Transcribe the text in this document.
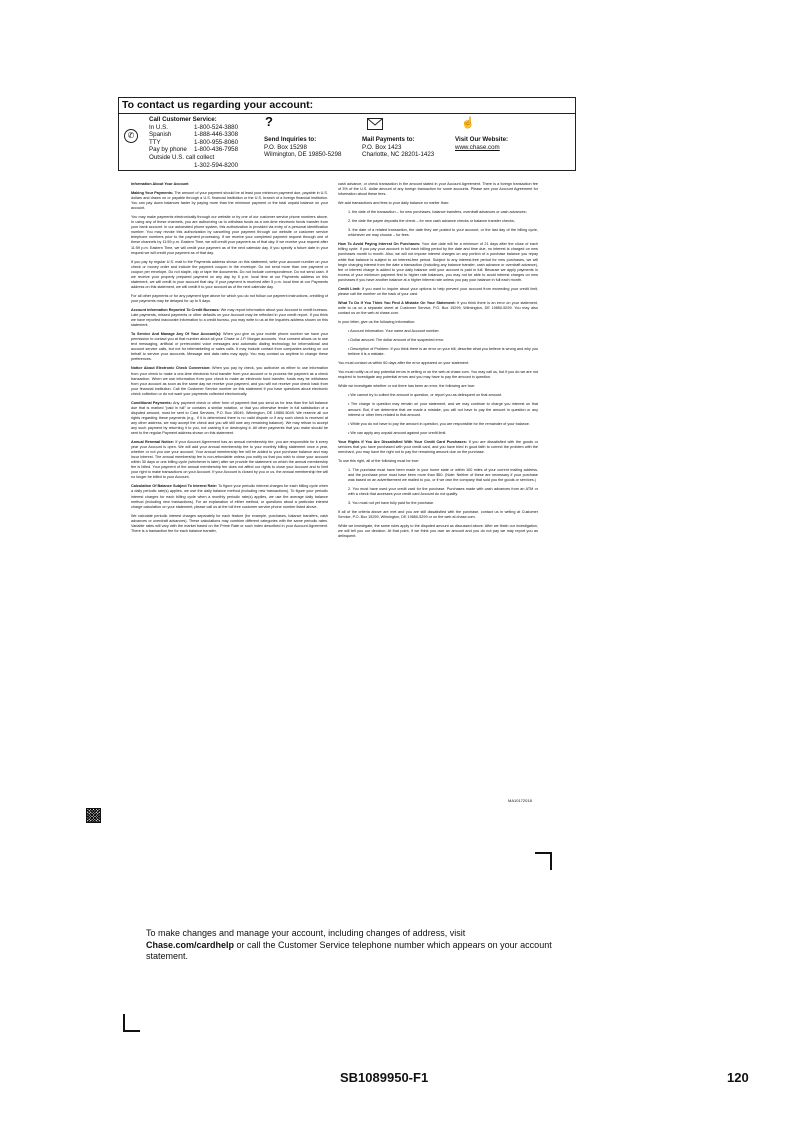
To contact us regarding your account:
✆
Call Customer Service:
In U.S.	1-800-524-3880
Spanish	1-888-446-3308
TTY	1-800-955-8060
Pay by phone	1-800-436-7958
Outside U.S. call collect
1-302-594-8200
?
Send Inquiries to:
P.O. Box 15298
Wilmington, DE 19850-5298
Mail Payments to:
P.O. Box 1423
Charlotte, NC 28201-1423
☝
Visit Our Website:
www.chase.com

Information About Your Account

Making Your Payments: The amount of your payment should be at least your minimum payment due, payable in U.S. dollars and drawn on or payable through a U.S. financial institution or the U.S. branch of a foreign financial institution. You can pay down balances faster by paying more than the minimum payment or the total unpaid balance on your account.

You may make payments electronically through our website or by one of our customer service phone numbers above. In using any of these channels, you are authorizing us to withdraw funds as a one-time electronic funds transfer from your bank account. In our automated phone system, this authorization is provided via entry of a personal identification number. You may revoke this authorization by cancelling your payment through our website or customer service telephone numbers prior to the payment processing. If we receive your completed payment request through one of these channels by 11:59 p.m. Eastern Time, we will credit your payment as of that day. If we receive your request after 11:59 p.m. Eastern Time, we will credit your payment as of the next calendar day. If you specify a future date in your request we will credit your payment as of that day.

If you pay by regular U.S. mail to the Payments address shown on this statement, write your account number on your check or money order and include the payment coupon in the envelope. Do not send more than one payment or coupon per envelope. Do not staple, clip or tape the documents. Do not include correspondence. Do not send cash. If we receive your properly prepared payment on any day by 5 p.m. local time at our Payments address on this statement, we will credit to your account that day. If your payment is received after 5 p.m. local time at our Payments address on this statement, we will credit it to your account as of the next calendar day.

For all other payments or for any payment type above for which you do not follow our payment instructions, crediting of your payments may be delayed for up to 5 days.

Account Information Reported To Credit Bureaus: We may report information about your Account to credit bureaus. Late payments, missed payments or other defaults on your Account may be reflected in your credit report. If you think we have reported inaccurate information to a credit bureau, you may write to us at the Inquiries address shown on this statement.

To Service And Manage Any Of Your Account(s): When you give us your mobile phone number we have your permission to contact you at that number about all your Chase or J.P. Morgan accounts. Your consent allows us to use text messaging, artificial or prerecorded voice messages and automatic dialing technology for informational and account service calls, but not for telemarketing or sales calls. It may include contact from companies working on our behalf to service your accounts. Message and data rates may apply. You may contact us anytime to change these preferences.

Notice About Electronic Check Conversion: When you pay by check, you authorize us either to use information from your check to make a one-time electronic fund transfer from your account or to process the payment as a check transaction. When we use information from your check to make an electronic fund transfer, funds may be withdrawn from your account as soon as the same day we receive your payment, and you will not receive your check back from your financial institution. Call the Customer Service number on this statement if you have questions about electronic check collection or do not want your payments collected electronically.

Conditional Payments: Any payment check or other form of payment that you send us for less than the full balance due that is marked "paid in full" or contains a similar notation, or that you otherwise tender in full satisfaction of a disputed amount, must be sent to Card Services, P.O. Box 15049, Wilmington, DE 19850-5049. We reserve all our rights regarding these payments (e.g., if it is determined there is no valid dispute or if any such check is received at any other address, we may accept the check and you will still owe any remaining balance). We may refuse to accept any such payment by returning it to you, not cashing it or destroying it. All other payments that you make should be sent to the regular Payment address shown on this statement.

Annual Renewal Notice: If your Account Agreement has an annual membership fee, you are responsible for it every year your Account is open. We will add your annual membership fee to your monthly billing statement once a year, whether or not you use your account. Your annual membership fee will be added to your purchase balance and may incur interest. The annual membership fee is non-refundable unless you notify us that you wish to close your account within 30 days or one billing cycle (whichever is later) after we provide the statement on which the annual membership fee is billed. Your payment of the annual membership fee does not affect our rights to close your Account and to limit your right to make transactions on your Account. If your Account is closed by you or us, the annual membership fee will no longer be billed to your Account.

Calculation Of Balance Subject To Interest Rate: To figure your periodic interest charges for each billing cycle when a daily periodic rate(s) applies, we use the daily balance method (including new transactions). To figure your periodic interest charges for each billing cycle when a monthly periodic rate(s) applies, we use the average daily balance method (including new transactions). For an explanation of either method, or questions about a particular interest charge calculation on your statement, please call us at the toll free customer service phone number listed above.

We calculate periodic interest charges separately for each feature (for example, purchases, balance transfers, cash advances or overdraft advances). These calculations may combine different categories with the same periodic rates. Variable rates will vary with the market based on the Prime Rate or such index described in your Account Agreement. There is a transaction fee for each balance transfer,

cash advance, or check transaction in the amount stated in your Account Agreement. There is a foreign transaction fee of 3% of the U.S. dollar amount of any foreign transaction for some accounts. Please see your Account Agreement for information about these fees.

We add transactions and fees to your daily balance no earlier than:

1. the date of the transaction – for new purchases, balance transfers, overdraft advances or cash advances;

2. the date the payee deposits the check – for new cash advance checks or balance transfer checks;

3. the date of a related transaction, the date they are posted to your account, or the last day of the billing cycle, whichever we may choose – for fees.

How To Avoid Paying Interest On Purchases: Your due date will be a minimum of 21 days after the close of each billing cycle. If you pay your account in full each billing period by the date and time due, no interest is charged on new purchases month to month. Also, we will not impose interest charges on any portion of a purchase balance you repay while that balance is subject to an interest-free period. Subject to any interest-free period for new purchases, we will begin charging interest from the date a transaction (including any balance transfer, cash advance or overdraft advance), fee or interest charge is added to your daily balance until your account is paid in full. Because we apply payments in excess of your minimum payment first to higher rate balances, you may not be able to avoid interest charges on new purchases if you have another balance at a higher interest rate unless you pay your balance in full each month.

Credit Limit: If you want to inquire about your options to help prevent your account from exceeding your credit limit, please call the number on the back of your card.

What To Do If You Think You Find A Mistake On Your Statement: If you think there is an error on your statement, write to us on a separate sheet at Customer Service, P.O. Box 15299, Wilmington, DE 19850-5299. You may also contact us on the web at chase.com.

In your letter, give us the following information:

• Account information: Your name and Account number.

• Dollar amount: The dollar amount of the suspected error.

• Description of Problem: If you think there is an error on your bill, describe what you believe is wrong and why you believe it is a mistake.

You must contact us within 60 days after the error appeared on your statement.

You must notify us of any potential errors in writing or on the web at chase.com. You may call us, but if you do we are not required to investigate any potential errors and you may have to pay the amount in question.

While we investigate whether or not there has been an error, the following are true:

• We cannot try to collect the amount in question, or report you as delinquent on that amount.

• The charge in question may remain on your statement, and we may continue to charge you interest on that amount. But, if we determine that we made a mistake, you will not have to pay the amount in question or any interest or other fees related to that amount.

• While you do not have to pay the amount in question, you are responsible for the remainder of your balance.

• We can apply any unpaid amount against your credit limit.

Your Rights If You Are Dissatisfied With Your Credit Card Purchases: If you are dissatisfied with the goods or services that you have purchased with your credit card, and you have tried in good faith to correct the problem with the merchant, you may have the right not to pay the remaining amount due on the purchase.

To use this right, all of the following must be true:

1. The purchase must have been made in your home state or within 100 miles of your current mailing address, and the purchase price must have been more than $50. (Note: Neither of these are necessary if your purchase was based on an advertisement we mailed to you, or if we own the company that sold you the goods or services.)

2. You must have used your credit card for the purchase. Purchases made with cash advances from an ATM or with a check that accesses your credit card Account do not qualify.

3. You must not yet have fully paid for the purchase.

If all of the criteria above are met and you are still dissatisfied with the purchase, contact us in writing at Customer Service, P.O. Box 15299, Wilmington, DE 19850-5299 or on the web at chase.com.

While we investigate, the same rules apply to the disputed amount as discussed above. After we finish our investigation, we will tell you our decision. At that point, if we think you owe an amount and you do not pay we may report you as delinquent.

MA10172018
To make changes and manage your account, including changes of address, visit
Chase.com/cardhelp or call the Customer Service telephone number which appears on your account statement.
SB1089950-F1	120
